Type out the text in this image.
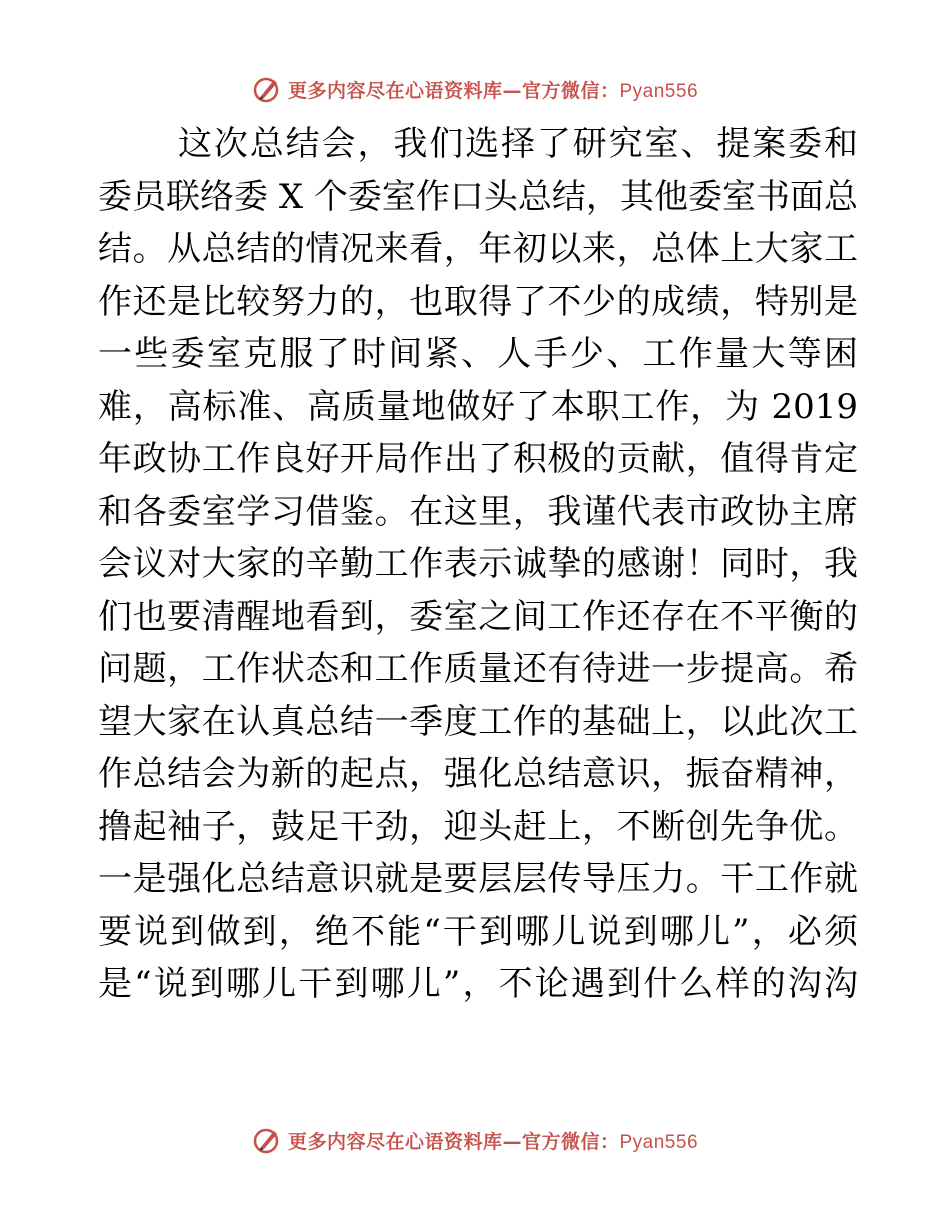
更多内容尽在心语资料库—官方微信：Pyan556
这次总结会，我们选择了研究室、提案委和
委员联络委 X 个委室作口头总结，其他委室书面总
结。从总结的情况来看，年初以来，总体上大家工
作还是比较努力的，也取得了不少的成绩，特别是
一些委室克服了时间紧、人手少、工作量大等困
难，高标准、高质量地做好了本职工作，为 2019
年政协工作良好开局作出了积极的贡献，值得肯定
和各委室学习借鉴。在这里，我谨代表市政协主席
会议对大家的辛勤工作表示诚挚的感谢！同时，我
们也要清醒地看到，委室之间工作还存在不平衡的
问题，工作状态和工作质量还有待进一步提高。希
望大家在认真总结一季度工作的基础上，以此次工
作总结会为新的起点，强化总结意识，振奋精神，
撸起袖子，鼓足干劲，迎头赶上，不断创先争优。
一是强化总结意识就是要层层传导压力。干工作就
要说到做到，绝不能“干到哪儿说到哪儿”，必须
是“说到哪儿干到哪儿”，不论遇到什么样的沟沟
更多内容尽在心语资料库—官方微信：Pyan556
